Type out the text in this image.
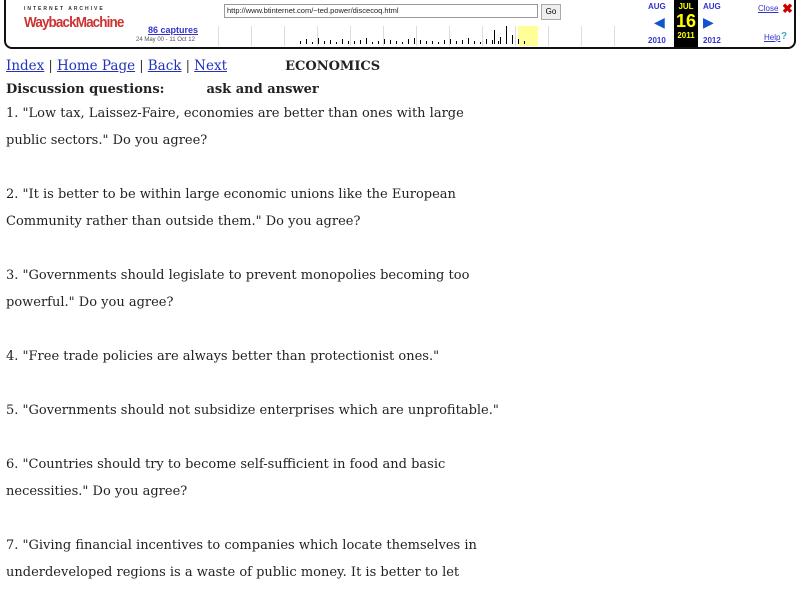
INTERNET ARCHIVE
WaybackMachine	86 captures
24 May 00 - 11 Oct 12
http://www.btinternet.com/~ted.power/discecoq.html	Go
AUG
◀
2010
JUL
16
2011
AUG
▶
2012
Close ✖
Help ?
Index | Home Page | Back | Next	ECONOMICS
Discussion questions:	ask and answer

1. "Low tax, Laissez-Faire, economies are better than ones with large
public sectors." Do you agree?

2. "It is better to be within large economic unions like the European
Community rather than outside them." Do you agree?

3. "Governments should legislate to prevent monopolies becoming too
powerful." Do you agree?

4. "Free trade policies are always better than protectionist ones."

5. "Governments should not subsidize enterprises which are unprofitable."

6. "Countries should try to become self-sufficient in food and basic
necessities." Do you agree?

7. "Giving financial incentives to companies which locate themselves in
underdeveloped regions is a waste of public money. It is better to let
